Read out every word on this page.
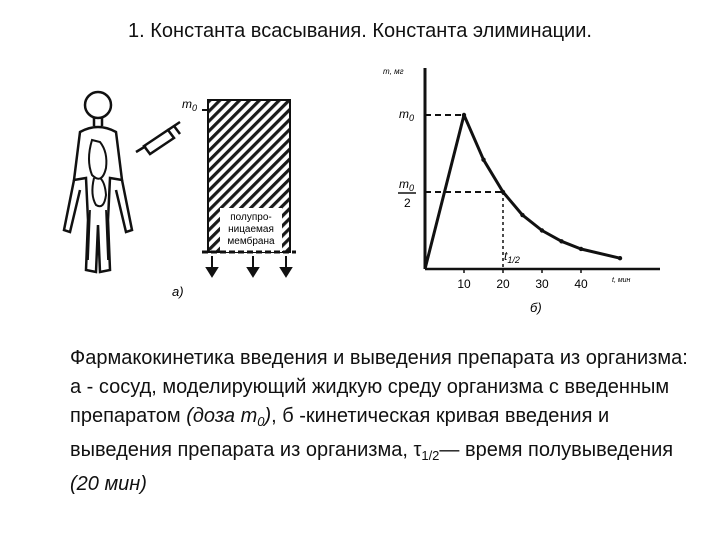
1. Константа всасывания. Константа элиминации.
$m_0$
полупро-
ницаемая
мембрана
а)
m, мг
$m_0$
$m_0$
2
$t_{1/2}$
t, мин
б)
10 20 30 40
Фармакокинетика введения и выведения препарата из организма: а - сосуд, моделирующий жидкую среду организма с введенным препаратом (доза $m_0$), б -кинетическая кривая введения и выведения препарата из организма, $\tau_{1/2}—$ время полувыведения (20 мин)
